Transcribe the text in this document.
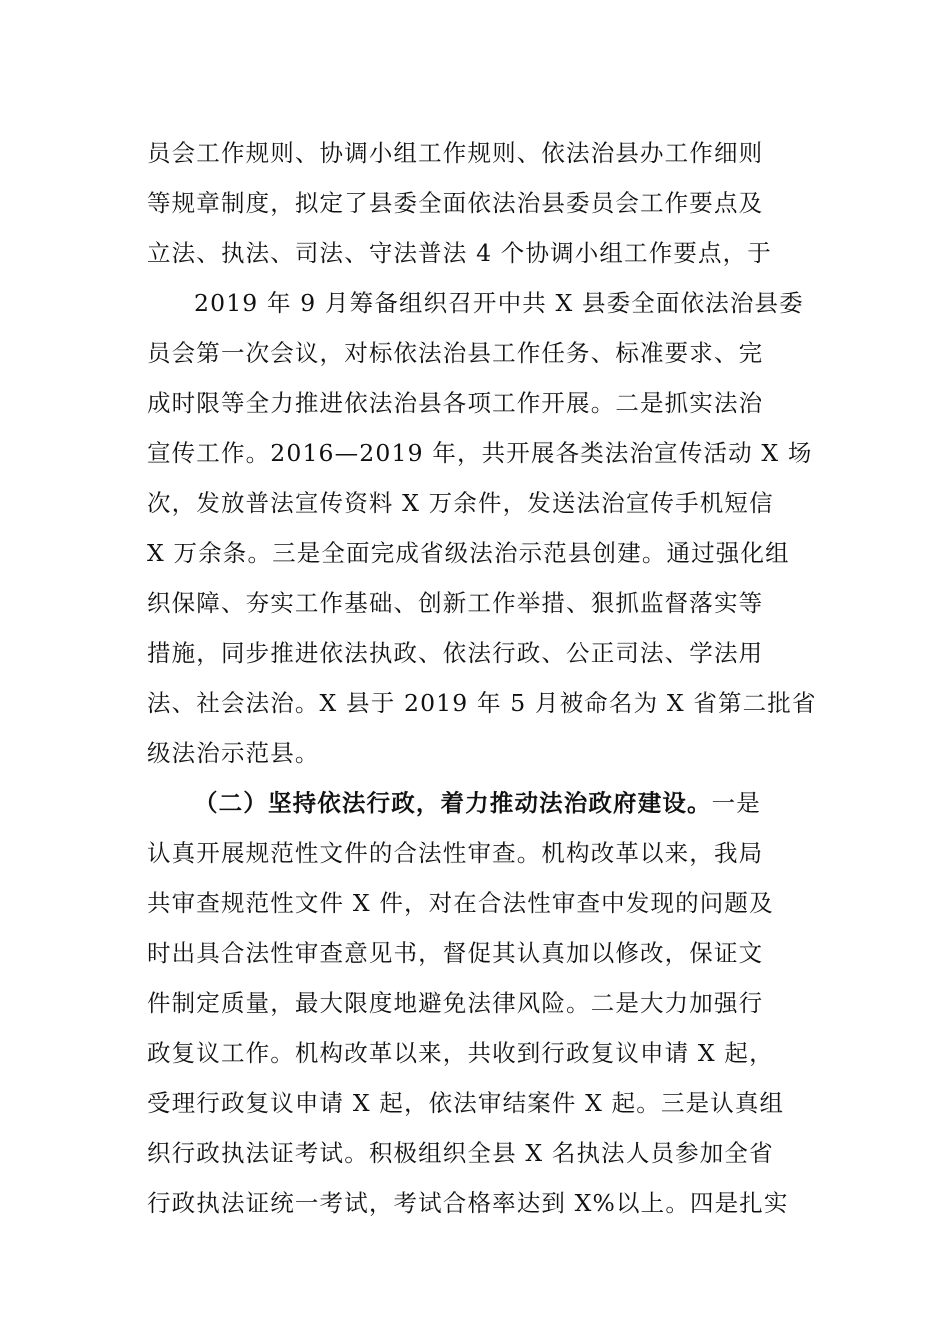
员会工作规则、协调小组工作规则、依法治县办工作细则
等规章制度，拟定了县委全面依法治县委员会工作要点及
立法、执法、司法、守法普法 4 个协调小组工作要点，于
2019 年 9 月筹备组织召开中共 X 县委全面依法治县委
员会第一次会议，对标依法治县工作任务、标准要求、完
成时限等全力推进依法治县各项工作开展。二是抓实法治
宣传工作。2016—2019 年，共开展各类法治宣传活动 X 场
次，发放普法宣传资料 X 万余件，发送法治宣传手机短信
X 万余条。三是全面完成省级法治示范县创建。通过强化组
织保障、夯实工作基础、创新工作举措、狠抓监督落实等
措施，同步推进依法执政、依法行政、公正司法、学法用
法、社会法治。X 县于 2019 年 5 月被命名为 X 省第二批省
级法治示范县。
（二）坚持依法行政，着力推动法治政府建设。一是
认真开展规范性文件的合法性审查。机构改革以来，我局
共审查规范性文件 X 件，对在合法性审查中发现的问题及
时出具合法性审查意见书，督促其认真加以修改，保证文
件制定质量，最大限度地避免法律风险。二是大力加强行
政复议工作。机构改革以来，共收到行政复议申请 X 起，
受理行政复议申请 X 起，依法审结案件 X 起。三是认真组
织行政执法证考试。积极组织全县 X 名执法人员参加全省
行政执法证统一考试，考试合格率达到 X%以上。四是扎实
